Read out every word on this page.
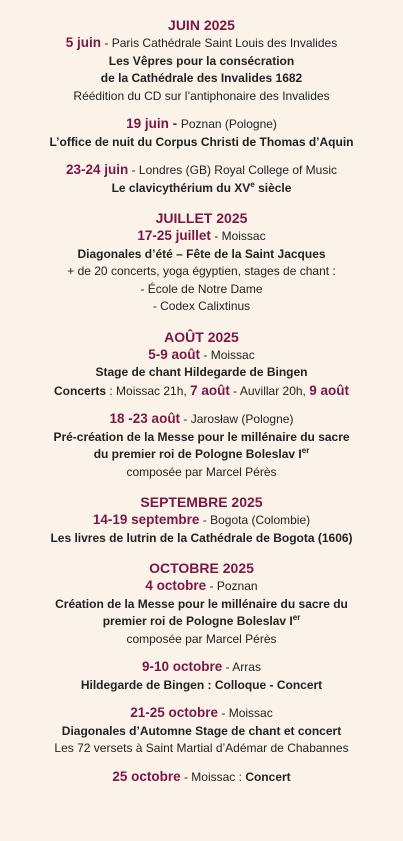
JUIN 2025
5 juin - Paris Cathédrale Saint Louis des Invalides
Les Vêpres pour la consécration
de la Cathédrale des Invalides 1682
Réédition du CD sur l’antiphonaire des Invalides
19 juin - Poznan (Pologne)
L’office de nuit du Corpus Christi de Thomas d’Aquin
23-24 juin - Londres (GB) Royal College of Music
Le clavicythérium du XVe siècle
JUILLET 2025
17-25 juillet - Moissac
Diagonales d’été – Fête de la Saint Jacques
+ de 20 concerts, yoga égyptien, stages de chant :
- École de Notre Dame
- Codex Calixtinus
AOÛT 2025
5-9 août - Moissac
Stage de chant Hildegarde de Bingen
Concerts : Moissac 21h, 7 août - Auvillar 20h, 9 août
18 -23 août - Jarosław (Pologne)
Pré-création de la Messe pour le millénaire du sacre
du premier roi de Pologne Boleslav Ier
composée par Marcel Pérès
SEPTEMBRE 2025
14-19 septembre - Bogota (Colombie)
Les livres de lutrin de la Cathédrale de Bogota (1606)
OCTOBRE 2025
4 octobre - Poznan
Création de la Messe pour le millénaire du sacre du
premier roi de Pologne Boleslav Ier
composée par Marcel Pérès
9-10 octobre - Arras
Hildegarde de Bingen : Colloque - Concert
21-25 octobre - Moissac
Diagonales d’Automne Stage de chant et concert
Les 72 versets à Saint Martial d’Adémar de Chabannes
25 octobre - Moissac : Concert
